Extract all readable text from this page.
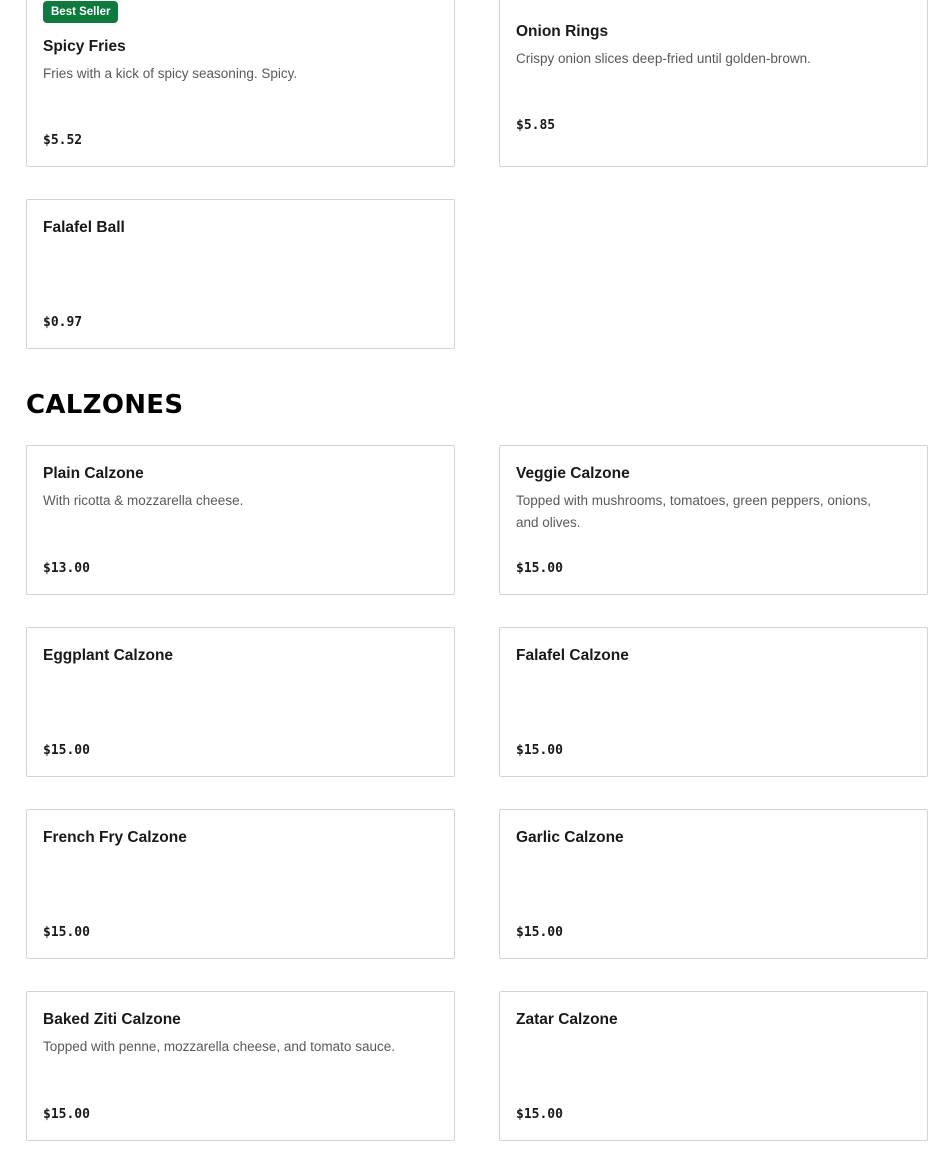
Best Seller
Spicy Fries
Fries with a kick of spicy seasoning. Spicy.
$5.52
Onion Rings
Crispy onion slices deep-fried until golden-brown.
$5.85
Falafel Ball
$0.97
CALZONES
Plain Calzone
With ricotta & mozzarella cheese.
$13.00
Veggie Calzone
Topped with mushrooms, tomatoes, green peppers, onions, and olives.
$15.00
Eggplant Calzone
$15.00
Falafel Calzone
$15.00
French Fry Calzone
$15.00
Garlic Calzone
$15.00
Baked Ziti Calzone
Topped with penne, mozzarella cheese, and tomato sauce.
$15.00
Zatar Calzone
$15.00
